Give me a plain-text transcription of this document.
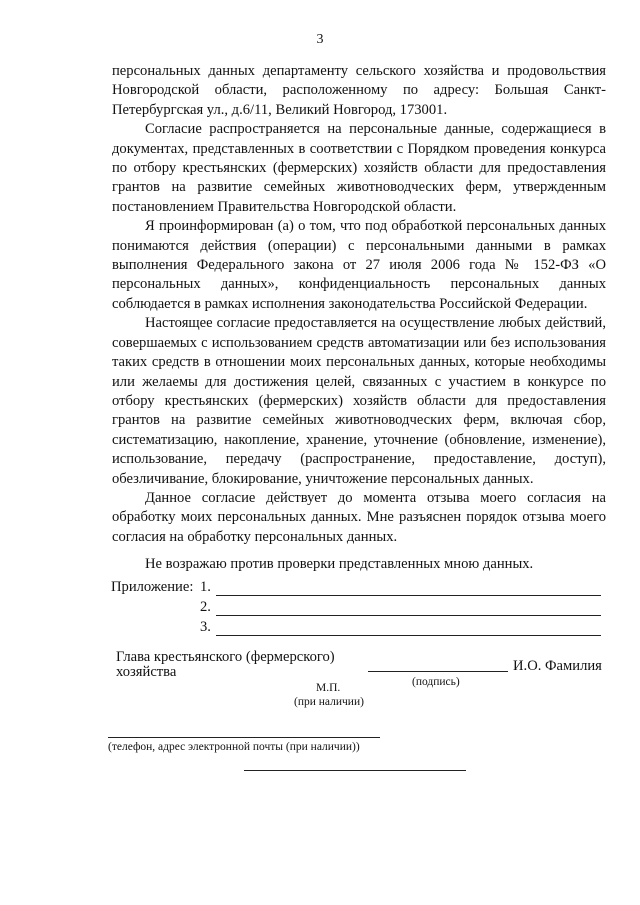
3

персональных данных департаменту сельского хозяйства и продовольствия Новгородской области, расположенному по адресу: Большая Санкт-Петербургская ул., д.6/11, Великий Новгород, 173001.

Согласие распространяется на персональные данные, содержащиеся в документах, представленных в соответствии с Порядком проведения конкурса по отбору крестьянских (фермерских) хозяйств области для предоставления грантов на развитие семейных животноводческих ферм, утвержденным постановлением Правительства Новгородской области.

Я проинформирован (а) о том, что под обработкой персональных данных понимаются действия (операции) с персональными данными в рамках выполнения Федерального закона от 27 июля 2006 года № 152-ФЗ «О персональных данных», конфиденциальность персональных данных соблюдается в рамках исполнения законодательства Российской Федерации.

Настоящее согласие предоставляется на осуществление любых действий, совершаемых с использованием средств автоматизации или без использования таких средств в отношении моих персональных данных, которые необходимы или желаемы для достижения целей, связанных с участием в конкурсе по отбору крестьянских (фермерских) хозяйств области для предоставления грантов на развитие семейных животноводческих ферм, включая сбор, систематизацию, накопление, хранение, уточнение (обновление, изменение), использование, передачу (распространение, предоставление, доступ), обезличивание, блокирование, уничтожение персональных данных.

Данное согласие действует до момента отзыва моего согласия на обработку моих персональных данных. Мне разъяснен порядок отзыва моего согласия на обработку персональных данных.

Не возражаю против проверки представленных мною данных.

Приложение: 1.
2.
3.
Глава крестьянского (фермерского)
хозяйства	И.О. Фамилия
(подпись)
М.П.
(при наличии)
(телефон, адрес электронной почты (при наличии))
